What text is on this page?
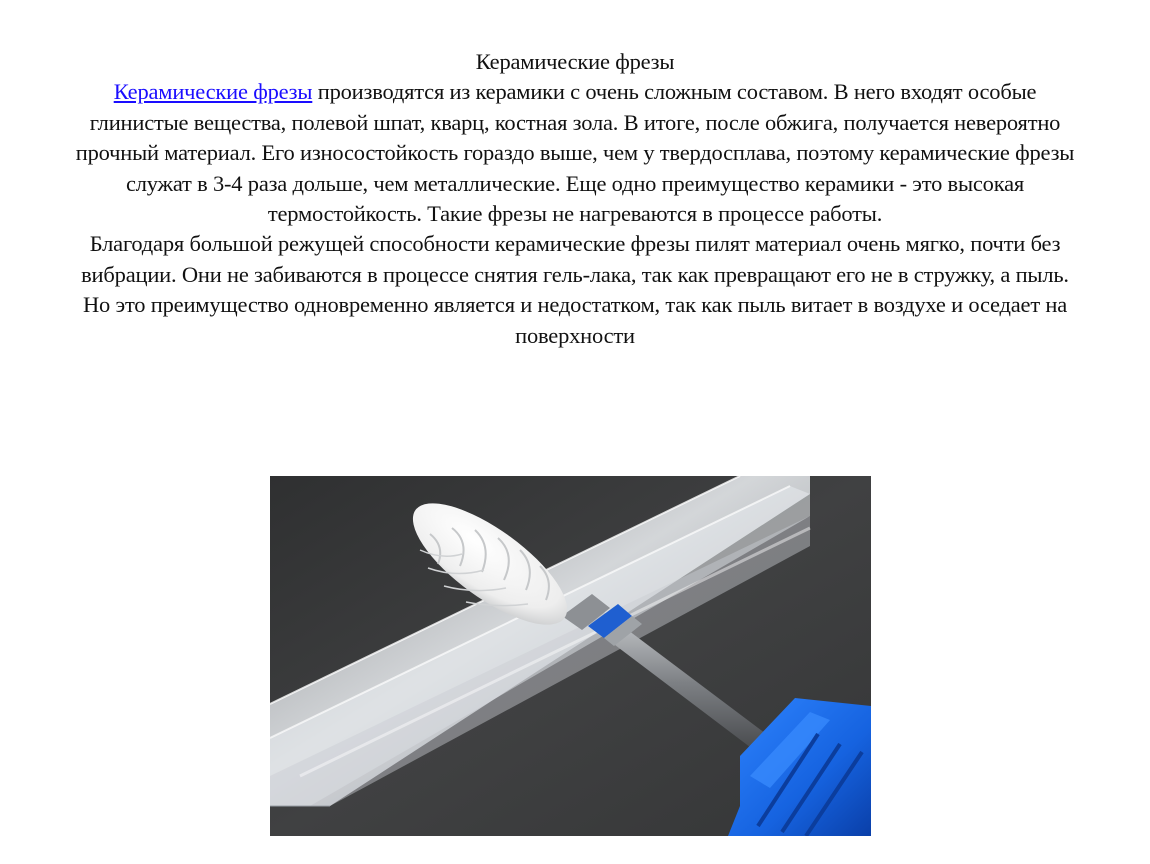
Керамические фрезы

Керамические фрезы производятся из керамики с очень сложным составом. В него входят особые глинистые вещества, полевой шпат, кварц, костная зола. В итоге, после обжига, получается невероятно прочный материал. Его износостойкость гораздо выше, чем у твердосплава, поэтому керамические фрезы служат в 3-4 раза дольше, чем металлические. Еще одно преимущество керамики - это высокая термостойкость. Такие фрезы не нагреваются в процессе работы.

Благодаря большой режущей способности керамические фрезы пилят материал очень мягко, почти без вибрации. Они не забиваются в процессе снятия гель-лака, так как превращают его не в стружку, а пыль. Но это преимущество одновременно является и недостатком, так как пыль витает в воздухе и оседает на поверхности
